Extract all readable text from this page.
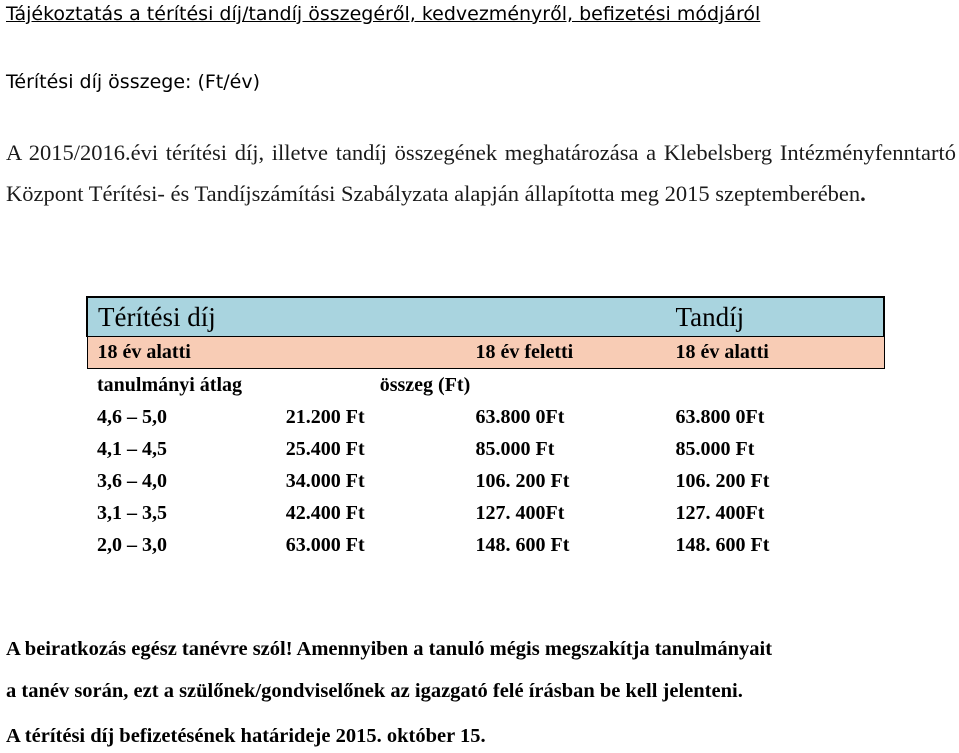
Tájékoztatás a térítési díj/tandíj összegéről, kedvezményről, befizetési módjáról
Térítési díj összege: (Ft/év)
A 2015/2016.évi térítési díj, illetve tandíj összegének meghatározása a Klebelsberg Intézményfenntartó Központ Térítési- és Tandíjszámítási Szabályzata alapján állapította meg 2015 szeptemberében.
Térítési díj			Tandíj
18 év alatti		18 év feletti	18 év alatti
tanulmányi átlag	összeg (Ft)		
4,6 – 5,0	21.200 Ft	63.800 0Ft	63.800 0Ft
4,1 – 4,5	25.400 Ft	85.000 Ft	85.000 Ft
3,6 – 4,0	34.000 Ft	106. 200 Ft	106. 200 Ft
3,1 – 3,5	42.400 Ft	127. 400Ft	127. 400Ft
2,0 – 3,0	63.000 Ft	148. 600 Ft	148. 600 Ft
A beiratkozás egész tanévre szól! Amennyiben a tanuló mégis megszakítja tanulmányait
a tanév során, ezt a szülőnek/gondviselőnek az igazgató felé írásban be kell jelenteni.
A térítési díj befizetésének határideje 2015. október 15.
